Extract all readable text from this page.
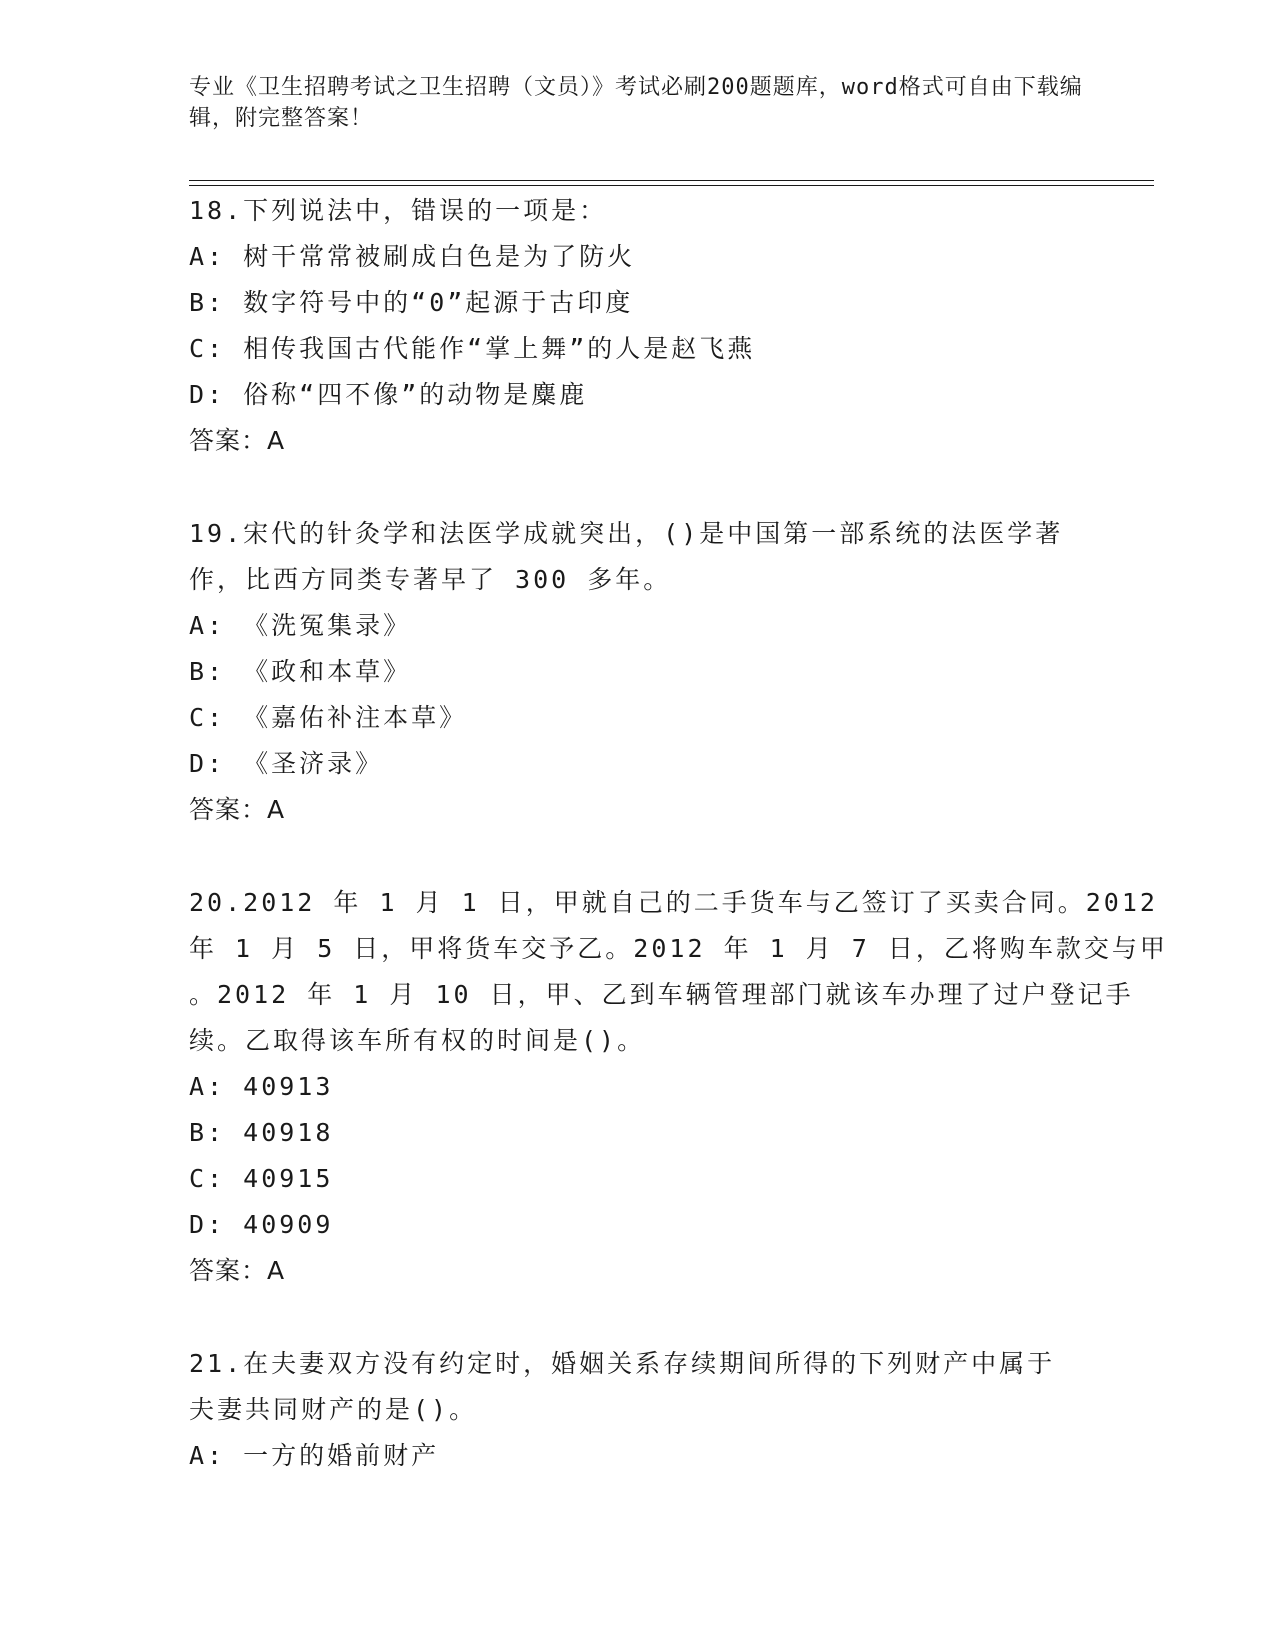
专业《卫生招聘考试之卫生招聘（文员）》考试必刷200题题库，word格式可自由下载编辑，附完整答案！
18.下列说法中，错误的一项是：
A: 树干常常被刷成白色是为了防火
B: 数字符号中的“0”起源于古印度
C: 相传我国古代能作“掌上舞”的人是赵飞燕
D: 俗称“四不像”的动物是麋鹿
答案：A
19.宋代的针灸学和法医学成就突出，()是中国第一部系统的法医学著
作，比西方同类专著早了 300 多年。
A: 《洗冤集录》
B: 《政和本草》
C: 《嘉佑补注本草》
D: 《圣济录》
答案：A
20.2012 年 1 月 1 日，甲就自己的二手货车与乙签订了买卖合同。2012
年 1 月 5 日，甲将货车交予乙。2012 年 1 月 7 日，乙将购车款交与甲
。2012 年 1 月 10 日，甲、乙到车辆管理部门就该车办理了过户登记手
续。乙取得该车所有权的时间是()。
A: 40913
B: 40918
C: 40915
D: 40909
答案：A
21.在夫妻双方没有约定时，婚姻关系存续期间所得的下列财产中属于
夫妻共同财产的是()。
A: 一方的婚前财产
